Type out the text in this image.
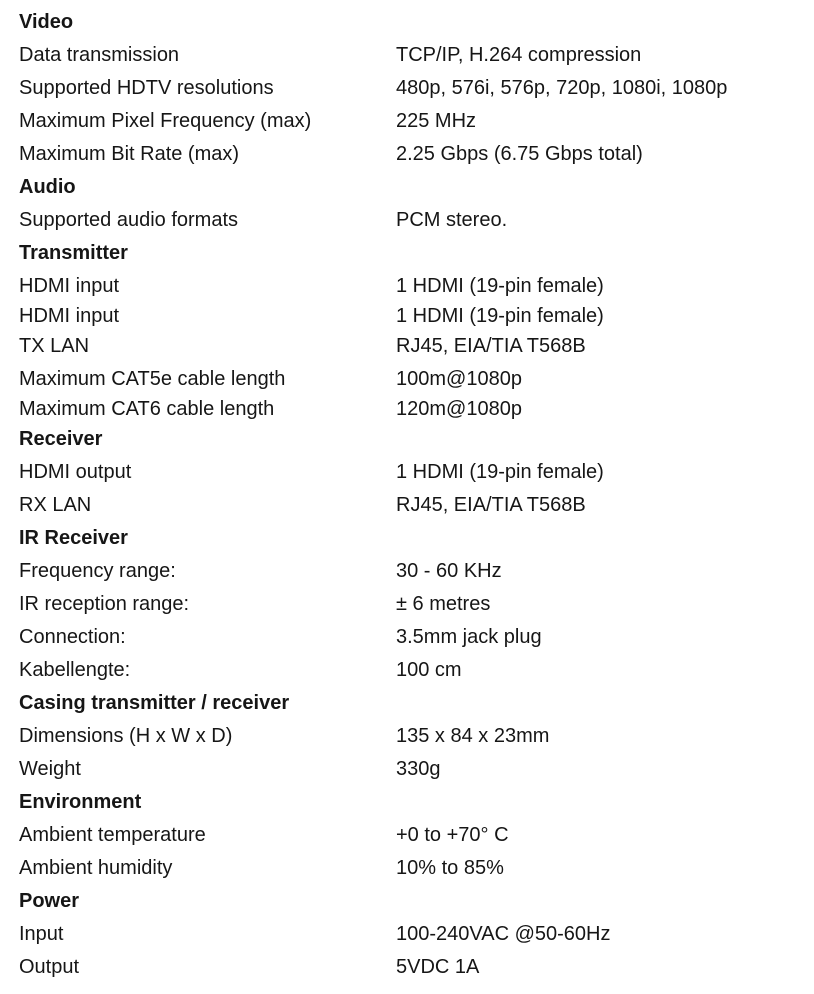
Video
Data transmission	TCP/IP, H.264 compression
Supported HDTV resolutions	480p, 576i, 576p, 720p, 1080i, 1080p
Maximum Pixel Frequency (max)	225 MHz
Maximum Bit Rate (max)	2.25 Gbps (6.75 Gbps total)
Audio
Supported audio formats	PCM stereo.
Transmitter
HDMI input	1 HDMI (19-pin female)
HDMI input	1 HDMI (19-pin female)
TX LAN	RJ45, EIA/TIA T568B
Maximum CAT5e cable length	100m@1080p
Maximum CAT6 cable length	120m@1080p
Receiver
HDMI output	1 HDMI (19-pin female)
RX LAN	RJ45, EIA/TIA T568B
IR Receiver
Frequency range:	30 - 60 KHz
IR reception range:	± 6 metres
Connection:	3.5mm jack plug
Kabellengte:	100 cm
Casing transmitter / receiver
Dimensions (H x W x D)	135 x 84 x 23mm
Weight	330g
Environment
Ambient temperature	+0 to +70° C
Ambient humidity	10% to 85%
Power
Input	100-240VAC @50-60Hz
Output	5VDC 1A
